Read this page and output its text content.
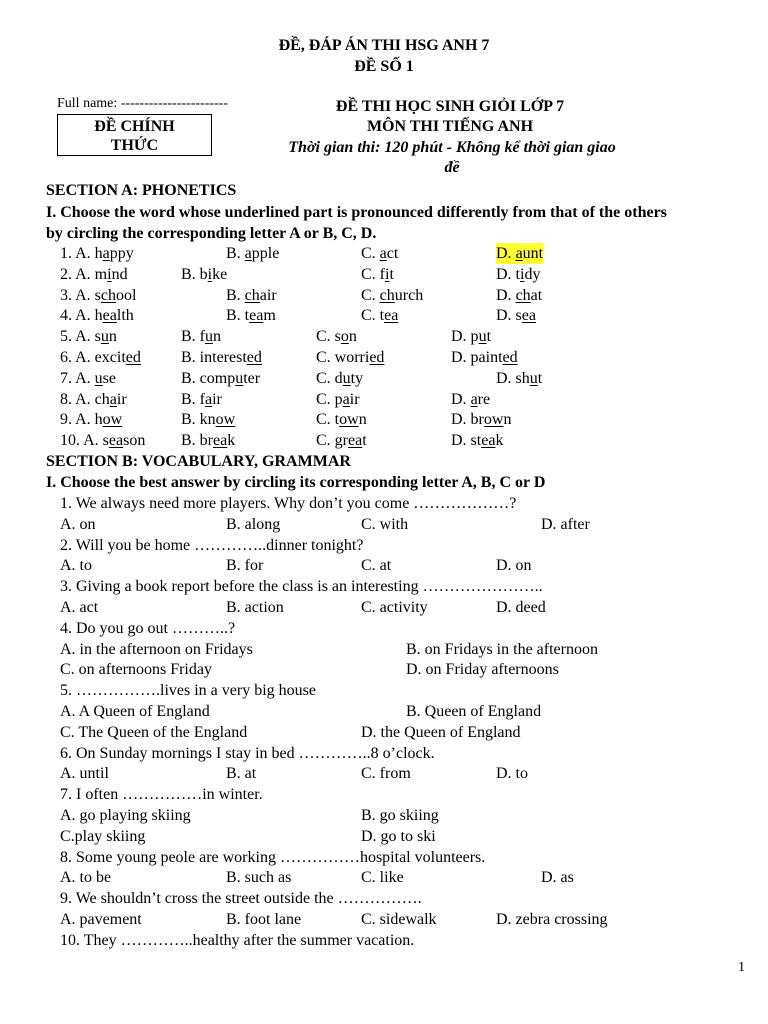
ĐỀ, ĐÁP ÁN THI HSG ANH 7
ĐỀ SỐ 1
Full name: -----------------------
ĐỀ CHÍNH
THỨC
ĐỀ THI HỌC SINH GIỎI LỚP 7
MÔN THI TIẾNG ANH
Thời gian thi: 120 phút - Không kể thời gian giao
đề
SECTION A: PHONETICS
I. Choose the word whose underlined part is pronounced differently from that of the others
by circling the corresponding letter A or B, C, D.
1. A. happy	B. apple	C. act	D. aunt
2. A. mind	B. bike	C. fit	D. tidy
3. A. school	B. chair	C. church	D. chat
4. A. health	B. team	C. tea	D. sea
5. A. sun	B. fun	C. son	D. put
6. A. excited	B. interested	C. worried	D. painted
7. A. use	B. computer	C. duty	D. shut
8. A. chair	B. fair	C. pair	D. are
9. A. how	B. know	C. town	D. brown
10. A. season B. break	C. great	D. steak
SECTION B: VOCABULARY, GRAMMAR
I. Choose the best answer by circling its corresponding letter A, B, C or D
1. We always need more players. Why don’t you come ………………?
A. on	B. along	C. with	D. after
2. Will you be home …………..dinner tonight?
A. to	B. for	C. at	D. on
3. Giving a book report before the class is an interesting …………………..
A. act	B. action	C. activity	D. deed
4. Do you go out ………..?
A. in the afternoon on Fridays	B. on Fridays in the afternoon
C. on afternoons Friday	D. on Friday afternoons
5. …………….lives in a very big house
A. A Queen of England	B. Queen of England
C. The Queen of the England	D. the Queen of England
6. On Sunday mornings I stay in bed …………..8 o’clock.
A. until	B. at	C. from	D. to
7. I often ……………in winter.
A. go playing skiing	B. go skiing
C.play skiing	D. go to ski
8. Some young peole are working ……………hospital volunteers.
A. to be	B. such as	C. like	D. as
9. We shouldn’t cross the street outside the …………….
A. pavement	B. foot lane	C. sidewalk	D. zebra crossing
10. They …………..healthy after the summer vacation.
1
